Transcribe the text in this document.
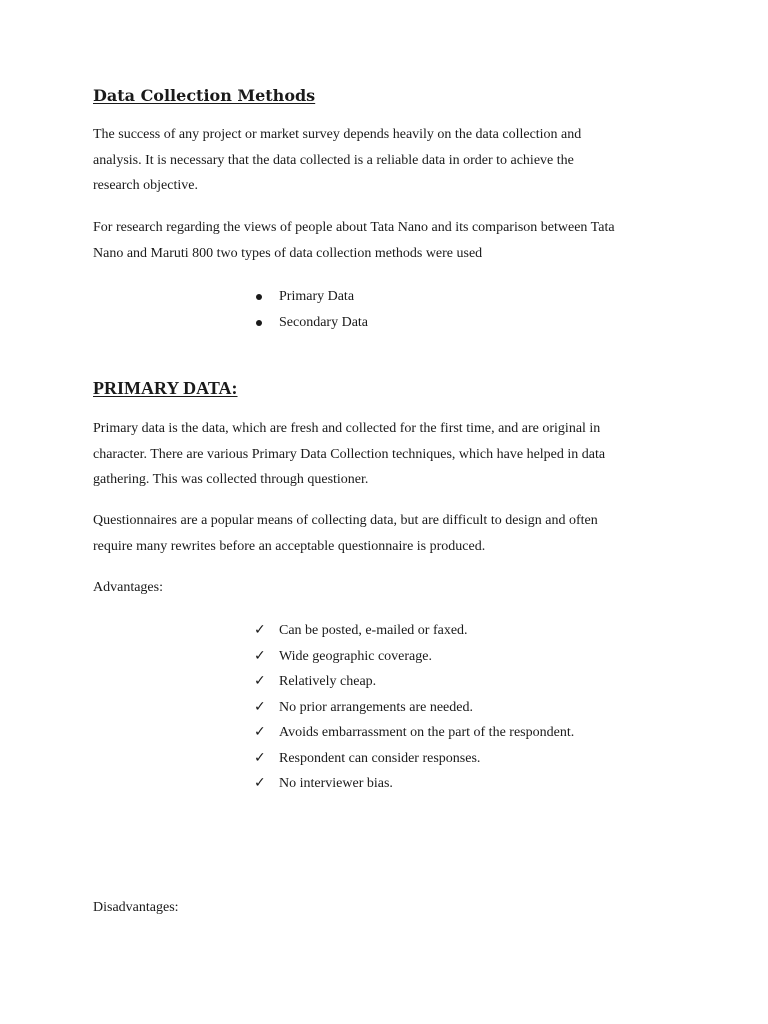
Data Collection Methods

The success of any project or market survey depends heavily on the data collection and
analysis. It is necessary that the data collected is a reliable data in order to achieve the
research objective.

For research regarding the views of people about Tata Nano and its comparison between Tata
Nano and Maruti 800 two types of data collection methods were used

Primary Data
Secondary Data
PRIMARY DATA:

Primary data is the data, which are fresh and collected for the first time, and are original in
character. There are various Primary Data Collection techniques, which have helped in data
gathering. This was collected through questioner.

Questionnaires are a popular means of collecting data, but are difficult to design and often
require many rewrites before an acceptable questionnaire is produced.

Advantages:

✓ Can be posted, e-mailed or faxed.
✓ Wide geographic coverage.
✓ Relatively cheap.
✓ No prior arrangements are needed.
✓ Avoids embarrassment on the part of the respondent.
✓ Respondent can consider responses.
✓ No interviewer bias.

Disadvantages:
